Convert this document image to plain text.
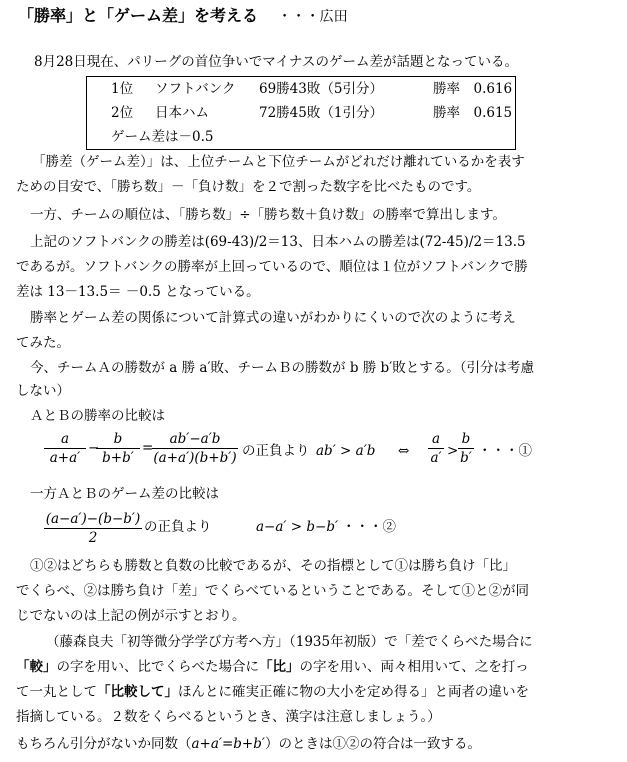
「勝率」と「ゲーム差」を考える ・・・広田
8月28日現在、パリーグの首位争いでマイナスのゲーム差が話題となっている。
1位 ソフトバンク 69勝43敗（5引分）	勝率　0.616
2位 日本ハム	72勝45敗（1引分）	勝率　0.615
ゲーム差は－0.5
「勝差（ゲーム差）」は、上位チームと下位チームがどれだけ離れているかを表す
ための目安で、「勝ち数」－「負け数」を２で割った数字を比べたものです。
一方、チームの順位は、「勝ち数」÷「勝ち数＋負け数」の勝率で算出します。
上記のソフトバンクの勝差は(69-43)/2＝13、日本ハムの勝差は(72-45)/2＝13.5
であるが。ソフトバンクの勝率が上回っているので、順位は１位がソフトバンクで勝
差は 13－13.5＝ －0.5 となっている。
勝率とゲーム差の関係について計算式の違いがわかりにくいので次のように考え
てみた。
今、チームＡの勝数が a 勝 a′敗、チームＢの勝数が b 勝 b′敗とする。（引分は考慮
しない）
ＡとＢの勝率の比較は
a
a+a′
−
b
b+b′
=
ab′−a′b
(a+a′)(b+b′) の正負より ab′ > a′b ⇔
a
a′ >
b
b′ ・・・①
一方ＡとＢのゲーム差の比較は
(a−a′)−(b−b′)
2
の正負より	a−a′ > b−b′ ・・・②
①②はどちらも勝数と負数の比較であるが、その指標として①は勝ち負け「比」
でくらべ、②は勝ち負け「差」でくらべているということである。そして①と②が同
じでないのは上記の例が示すとおり。
（藤森良夫「初等微分学学び方考へ方」（1935年初版）で「差でくらべた場合に
「較」の字を用い、比でくらべた場合に「比」の字を用い、両々相用いて、之を打っ
て一丸として「比較して」ほんとに確実正確に物の大小を定め得る」と両者の違いを
指摘している。２数をくらべるというとき、漢字は注意しましょう。）
もちろん引分がないか同数（a+a′=b+b′）のときは①②の符合は一致する。
